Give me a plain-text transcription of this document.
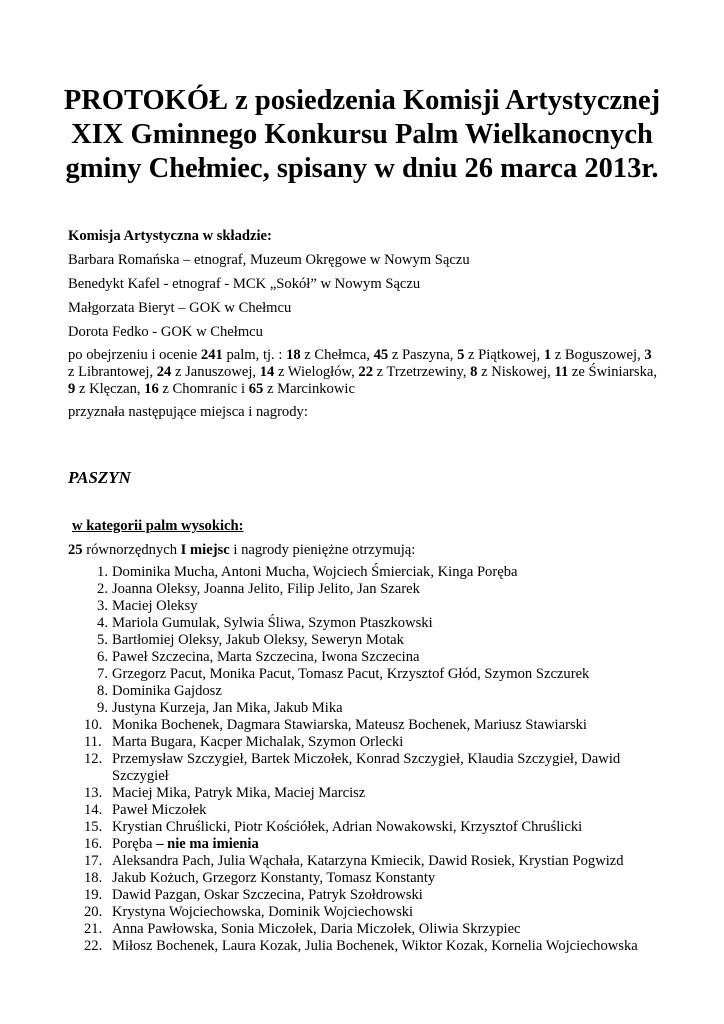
PROTOKÓŁ z posiedzenia Komisji Artystycznej XIX Gminnego Konkursu Palm Wielkanocnych gminy Chełmiec, spisany w dniu 26 marca 2013r.
Komisja Artystyczna w składzie:
Barbara Romańska – etnograf, Muzeum Okręgowe w Nowym Sączu
Benedykt Kafel - etnograf - MCK „Sokół” w Nowym Sączu
Małgorzata Bieryt – GOK w Chełmcu
Dorota Fedko - GOK w Chełmcu
po obejrzeniu i ocenie 241 palm, tj. : 18 z Chełmca, 45 z Paszyna, 5 z Piątkowej, 1 z Boguszowej, 3 z Librantowej, 24 z Januszowej, 14 z Wielogłów, 22 z Trzetrzewiny, 8 z Niskowej, 11 ze Świniarska, 9 z Klęczan, 16 z Chomranic i 65 z Marcinkowic
przyznała następujące miejsca i nagrody:
PASZYN
w kategorii palm wysokich:
25 równorzędnych I miejsc i nagrody pieniężne otrzymują:
1. Dominika Mucha, Antoni Mucha, Wojciech Śmierciak, Kinga Poręba
2. Joanna Oleksy, Joanna Jelito, Filip Jelito, Jan Szarek
3. Maciej Oleksy
4. Mariola Gumulak, Sylwia Śliwa, Szymon Ptaszkowski
5. Bartłomiej Oleksy, Jakub Oleksy, Seweryn Motak
6. Paweł Szczecina, Marta Szczecina, Iwona Szczecina
7. Grzegorz Pacut, Monika Pacut, Tomasz Pacut, Krzysztof Głód, Szymon Szczurek
8. Dominika Gajdosz
9. Justyna Kurzeja, Jan Mika, Jakub Mika
10. Monika Bochenek, Dagmara Stawiarska, Mateusz Bochenek, Mariusz Stawiarski
11. Marta Bugara, Kacper Michalak, Szymon Orlecki
12. Przemysław Szczygieł, Bartek Miczołek, Konrad Szczygieł, Klaudia Szczygieł, Dawid Szczygieł
13. Maciej Mika, Patryk Mika, Maciej Marcisz
14. Paweł Miczołek
15. Krystian Chruślicki, Piotr Kościółek, Adrian Nowakowski, Krzysztof Chruślicki
16. Poręba – nie ma imienia
17. Aleksandra Pach, Julia Wąchała, Katarzyna Kmiecik, Dawid Rosiek, Krystian Pogwizd
18. Jakub Kożuch, Grzegorz Konstanty, Tomasz Konstanty
19. Dawid Pazgan, Oskar Szczecina, Patryk Szołdrowski
20. Krystyna Wojciechowska, Dominik Wojciechowski
21. Anna Pawłowska, Sonia Miczołek, Daria Miczołek, Oliwia Skrzypiec
22. Miłosz Bochenek, Laura Kozak, Julia Bochenek, Wiktor Kozak, Kornelia Wojciechowska
